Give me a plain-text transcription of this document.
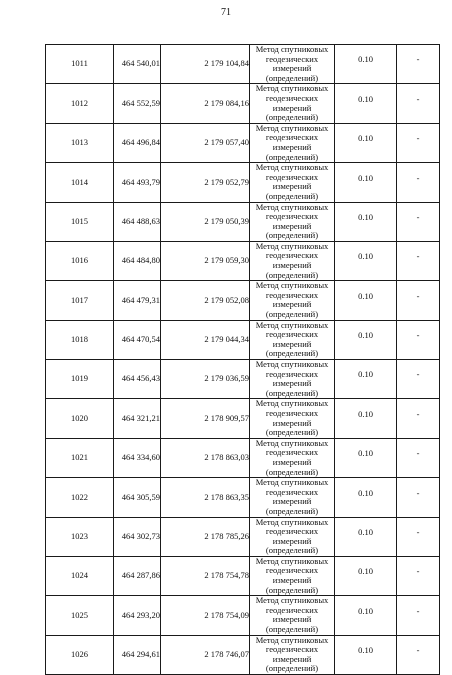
71
1011	464 540,01	2 179 104,84	Метод спутниковых
геодезических измерений
(определений)	0.10	-
1012	464 552,59	2 179 084,16	Метод спутниковых
геодезических измерений
(определений)	0.10	-
1013	464 496,84	2 179 057,40	Метод спутниковых
геодезических измерений
(определений)	0.10	-
1014	464 493,79	2 179 052,79	Метод спутниковых
геодезических измерений
(определений)	0.10	-
1015	464 488,63	2 179 050,39	Метод спутниковых
геодезических измерений
(определений)	0.10	-
1016	464 484,80	2 179 059,30	Метод спутниковых
геодезических измерений
(определений)	0.10	-
1017	464 479,31	2 179 052,08	Метод спутниковых
геодезических измерений
(определений)	0.10	-
1018	464 470,54	2 179 044,34	Метод спутниковых
геодезических измерений
(определений)	0.10	-
1019	464 456,43	2 179 036,59	Метод спутниковых
геодезических измерений
(определений)	0.10	-
1020	464 321,21	2 178 909,57	Метод спутниковых
геодезических измерений
(определений)	0.10	-
1021	464 334,60	2 178 863,03	Метод спутниковых
геодезических измерений
(определений)	0.10	-
1022	464 305,59	2 178 863,35	Метод спутниковых
геодезических измерений
(определений)	0.10	-
1023	464 302,73	2 178 785,26	Метод спутниковых
геодезических измерений
(определений)	0.10	-
1024	464 287,86	2 178 754,78	Метод спутниковых
геодезических измерений
(определений)	0.10	-
1025	464 293,20	2 178 754,09	Метод спутниковых
геодезических измерений
(определений)	0.10	-
1026	464 294,61	2 178 746,07	Метод спутниковых
геодезических измерений
(определений)	0.10	-
